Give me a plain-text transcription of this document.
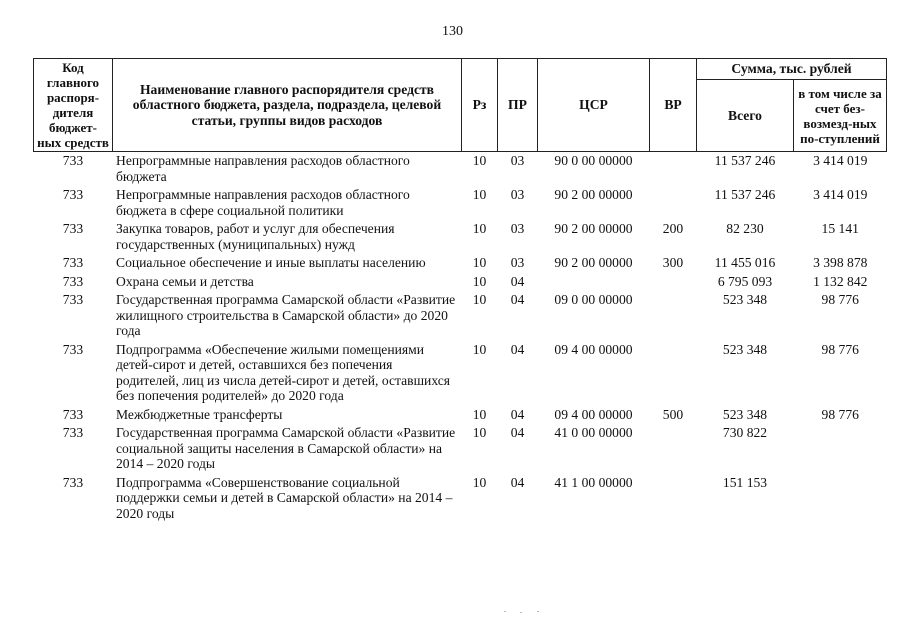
130
Код главного распоря-дителя бюджет-ных средств	Наименование главного распорядителя средств областного бюджета, раздела, подраздела, целевой статьи, группы видов расходов	Рз	ПР	ЦСР	ВР	Сумма, тыс. рублей	
						Всего	в том числе за счет без-возмезд-ных по-ступлений
733	Непрограммные направления расходов областного бюджета	10	03	90 0 00 00000		11 537 246	3 414 019
733	Непрограммные направления расходов областного бюджета в сфере социальной политики	10	03	90 2 00 00000		11 537 246	3 414 019
733	Закупка товаров, работ и услуг для обеспечения государственных (муниципальных) нужд	10	03	90 2 00 00000	200	82 230	15 141
733	Социальное обеспечение и иные выплаты населению	10	03	90 2 00 00000	300	11 455 016	3 398 878
733	Охрана семьи и детства	10	04			6 795 093	1 132 842
733	Государственная программа Самарской области «Развитие жилищного строительства в Самарской области» до 2020 года	10	04	09 0 00 00000		523 348	98 776
733	Подпрограмма «Обеспечение жилыми помещениями детей-сирот и детей, оставшихся без попечения родителей, лиц из числа детей-сирот и детей, оставшихся без попечения родителей» до 2020 года	10	04	09 4 00 00000		523 348	98 776
733	Межбюджетные трансферты	10	04	09 4 00 00000	500	523 348	98 776
733	Государственная программа Самарской области «Развитие социальной защиты населения в Самарской области» на 2014 – 2020 годы	10	04	41 0 00 00000		730 822	
733	Подпрограмма «Совершенствование социальной поддержки семьи и детей в Самарской области» на 2014 – 2020 годы	10	04	41 1 00 00000		151 153	
